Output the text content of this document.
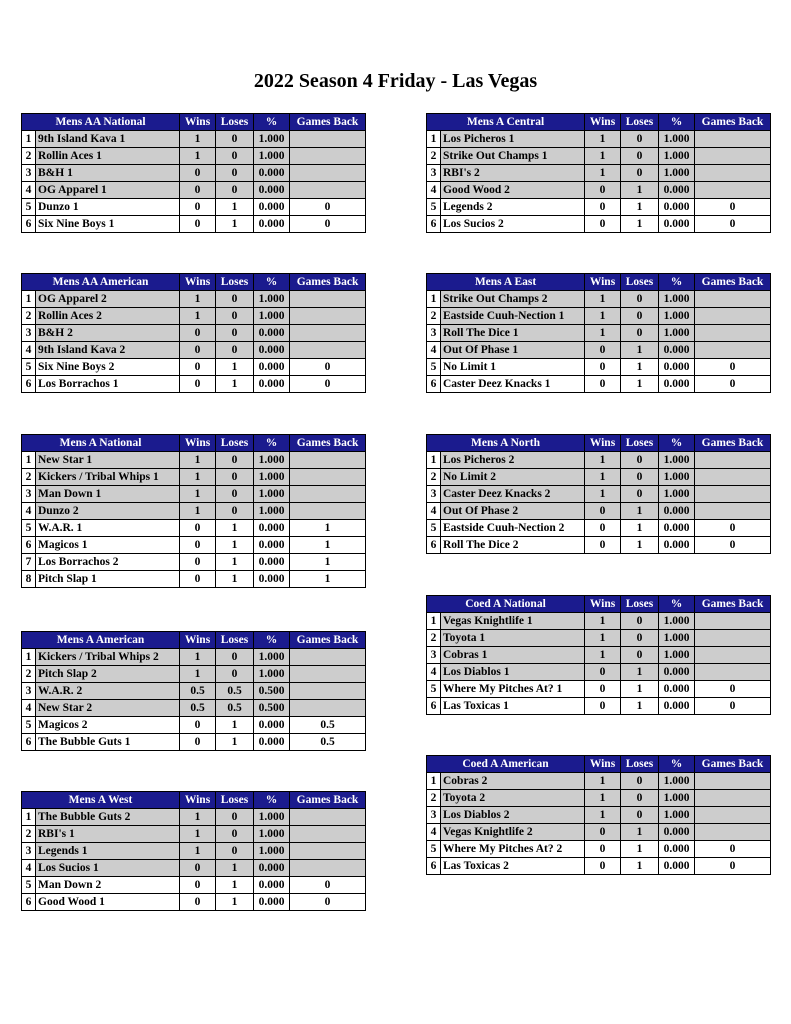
2022 Season 4 Friday - Las Vegas
Mens AA National		Wins	Loses	%	Games Back
1	9th Island Kava 1	1	0	1.000	
2	Rollin Aces 1	1	0	1.000	
3	B&H 1	0	0	0.000	
4	OG Apparel 1	0	0	0.000	
5	Dunzo 1	0	1	0.000	0
6	Six Nine Boys 1	0	1	0.000	0
Mens A Central		Wins	Loses	%	Games Back
1	Los Picheros 1	1	0	1.000	
2	Strike Out Champs 1	1	0	1.000	
3	RBI's 2	1	0	1.000	
4	Good Wood 2	0	1	0.000	
5	Legends 2	0	1	0.000	0
6	Los Sucios 2	0	1	0.000	0
Mens AA American		Wins	Loses	%	Games Back
1	OG Apparel 2	1	0	1.000	
2	Rollin Aces 2	1	0	1.000	
3	B&H 2	0	0	0.000	
4	9th Island Kava 2	0	0	0.000	
5	Six Nine Boys 2	0	1	0.000	0
6	Los Borrachos 1	0	1	0.000	0
Mens A East		Wins	Loses	%	Games Back
1	Strike Out Champs 2	1	0	1.000	
2	Eastside Cuuh-Nection 1	1	0	1.000	
3	Roll The Dice 1	1	0	1.000	
4	Out Of Phase 1	0	1	0.000	
5	No Limit 1	0	1	0.000	0
6	Caster Deez Knacks 1	0	1	0.000	0
Mens A National		Wins	Loses	%	Games Back
1	New Star 1	1	0	1.000	
2	Kickers / Tribal Whips 1	1	0	1.000	
3	Man Down 1	1	0	1.000	
4	Dunzo 2	1	0	1.000	
5	W.A.R. 1	0	1	0.000	1
6	Magicos 1	0	1	0.000	1
7	Los Borrachos 2	0	1	0.000	1
8	Pitch Slap 1	0	1	0.000	1
Mens A North		Wins	Loses	%	Games Back
1	Los Picheros 2	1	0	1.000	
2	No Limit 2	1	0	1.000	
3	Caster Deez Knacks 2	1	0	1.000	
4	Out Of Phase 2	0	1	0.000	
5	Eastside Cuuh-Nection 2	0	1	0.000	0
6	Roll The Dice 2	0	1	0.000	0
Coed A National		Wins	Loses	%	Games Back
1	Vegas Knightlife 1	1	0	1.000	
2	Toyota 1	1	0	1.000	
3	Cobras 1	1	0	1.000	
4	Los Diablos 1	0	1	0.000	
5	Where My Pitches At? 1	0	1	0.000	0
6	Las Toxicas 1	0	1	0.000	0
Mens A American		Wins	Loses	%	Games Back
1	Kickers / Tribal Whips 2	1	0	1.000	
2	Pitch Slap 2	1	0	1.000	
3	W.A.R. 2	0.5	0.5	0.500	
4	New Star 2	0.5	0.5	0.500	
5	Magicos 2	0	1	0.000	0.5
6	The Bubble Guts 1	0	1	0.000	0.5
Coed A American		Wins	Loses	%	Games Back
1	Cobras 2	1	0	1.000	
2	Toyota 2	1	0	1.000	
3	Los Diablos 2	1	0	1.000	
4	Vegas Knightlife 2	0	1	0.000	
5	Where My Pitches At? 2	0	1	0.000	0
6	Las Toxicas 2	0	1	0.000	0
Mens A West		Wins	Loses	%	Games Back
1	The Bubble Guts 2	1	0	1.000	
2	RBI's 1	1	0	1.000	
3	Legends 1	1	0	1.000	
4	Los Sucios 1	0	1	0.000	
5	Man Down 2	0	1	0.000	0
6	Good Wood 1	0	1	0.000	0
